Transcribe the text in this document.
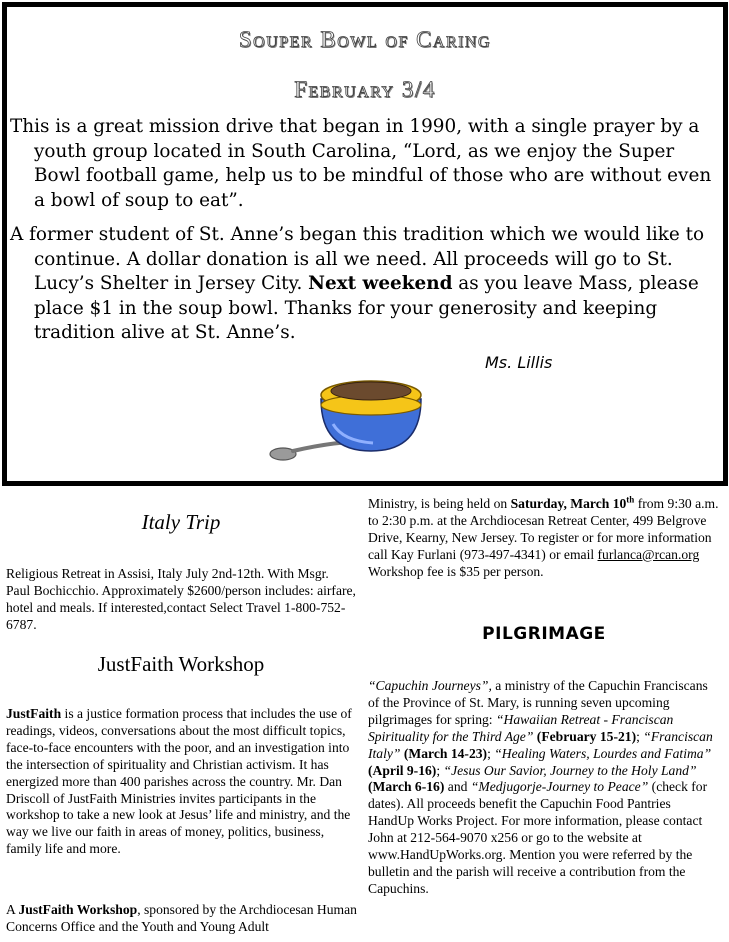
Souper Bowl of Caring
February 3/4

This is a great mission drive that began in 1990, with a single prayer by a youth group located in South Carolina, “Lord, as we enjoy the Super Bowl football game, help us to be mindful of those who are without even a bowl of soup to eat”.

A former student of St. Anne’s began this tradition which we would like to continue. A dollar donation is all we need. All proceeds will go to St. Lucy’s Shelter in Jersey City. Next weekend as you leave Mass, please place $1 in the soup bowl. Thanks for your generosity and keeping tradition alive at St. Anne’s.

Ms. Lillis
Italy Trip

Religious Retreat in Assisi, Italy July 2nd-12th. With Msgr. Paul Bochicchio. Approximately $2600/person includes: airfare, hotel and meals. If interested,contact Select Travel 1-800-752-6787.

JustFaith Workshop

JustFaith is a justice formation process that includes the use of readings, videos, conversations about the most difficult topics, face-to-face encounters with the poor, and an investigation into the intersection of spirituality and Christian activism. It has energized more than 400 parishes across the country. Mr. Dan Driscoll of JustFaith Ministries invites participants in the workshop to take a new look at Jesus’ life and ministry, and the way we live our faith in areas of money, politics, business, family life and more.

A JustFaith Workshop, sponsored by the Archdiocesan Human Concerns Office and the Youth and Young Adult

Ministry, is being held on Saturday, March 10th from 9:30 a.m. to 2:30 p.m. at the Archdiocesan Retreat Center, 499 Belgrove Drive, Kearny, New Jersey. To register or for more information call Kay Furlani (973-497-4341) or email furlanca@rcan.org Workshop fee is $35 per person.

PILGRIMAGE

“Capuchin Journeys”, a ministry of the Capuchin Franciscans of the Province of St. Mary, is running seven upcoming pilgrimages for spring: “Hawaiian Retreat - Franciscan Spirituality for the Third Age” (February 15-21); “Franciscan Italy” (March 14-23); “Healing Waters, Lourdes and Fatima” (April 9-16); “Jesus Our Savior, Journey to the Holy Land” (March 6-16) and “Medjugorje-Journey to Peace” (check for dates). All proceeds benefit the Capuchin Food Pantries HandUp Works Project. For more information, please contact John at 212-564-9070 x256 or go to the website at www.HandUpWorks.org. Mention you were referred by the bulletin and the parish will receive a contribution from the Capuchins.
